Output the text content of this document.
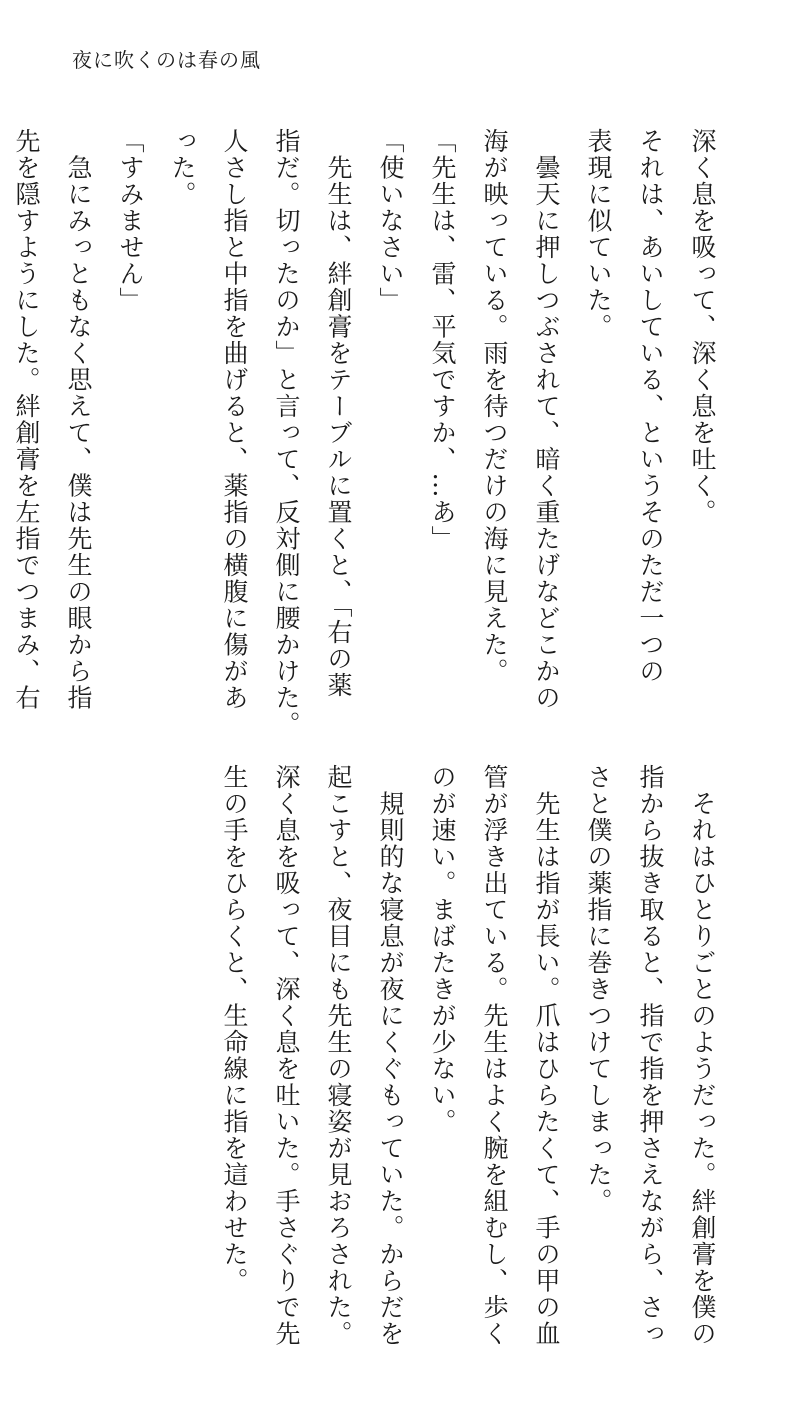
夜に吹くのは春の風
深く息を吸って、深く息を吐く。
それは、あいしている、というそのただ一つの
表現に似ていた。
　曇天に押しつぶされて、暗く重たげなどこかの
海が映っている。雨を待つだけの海に見えた。
「先生は、雷、平気ですか、…あ」
「使いなさい」
　先生は、絆創膏をテーブルに置くと、「右の薬
指だ。切ったのか」と言って、反対側に腰かけた。
人さし指と中指を曲げると、薬指の横腹に傷があ
った。
「すみません」
　急にみっともなく思えて、僕は先生の眼から指
先を隠すようにした。絆創膏を左指でつまみ、右
　それはひとりごとのようだった。絆創膏を僕の
指から抜き取ると、指で指を押さえながら、さっ
さと僕の薬指に巻きつけてしまった。
　先生は指が長い。爪はひらたくて、手の甲の血
管が浮き出ている。先生はよく腕を組むし、歩く
のが速い。まばたきが少ない。
　規則的な寝息が夜にくぐもっていた。からだを
起こすと、夜目にも先生の寝姿が見おろされた。
深く息を吸って、深く息を吐いた。手さぐりで先
生の手をひらくと、生命線に指を這わせた。
